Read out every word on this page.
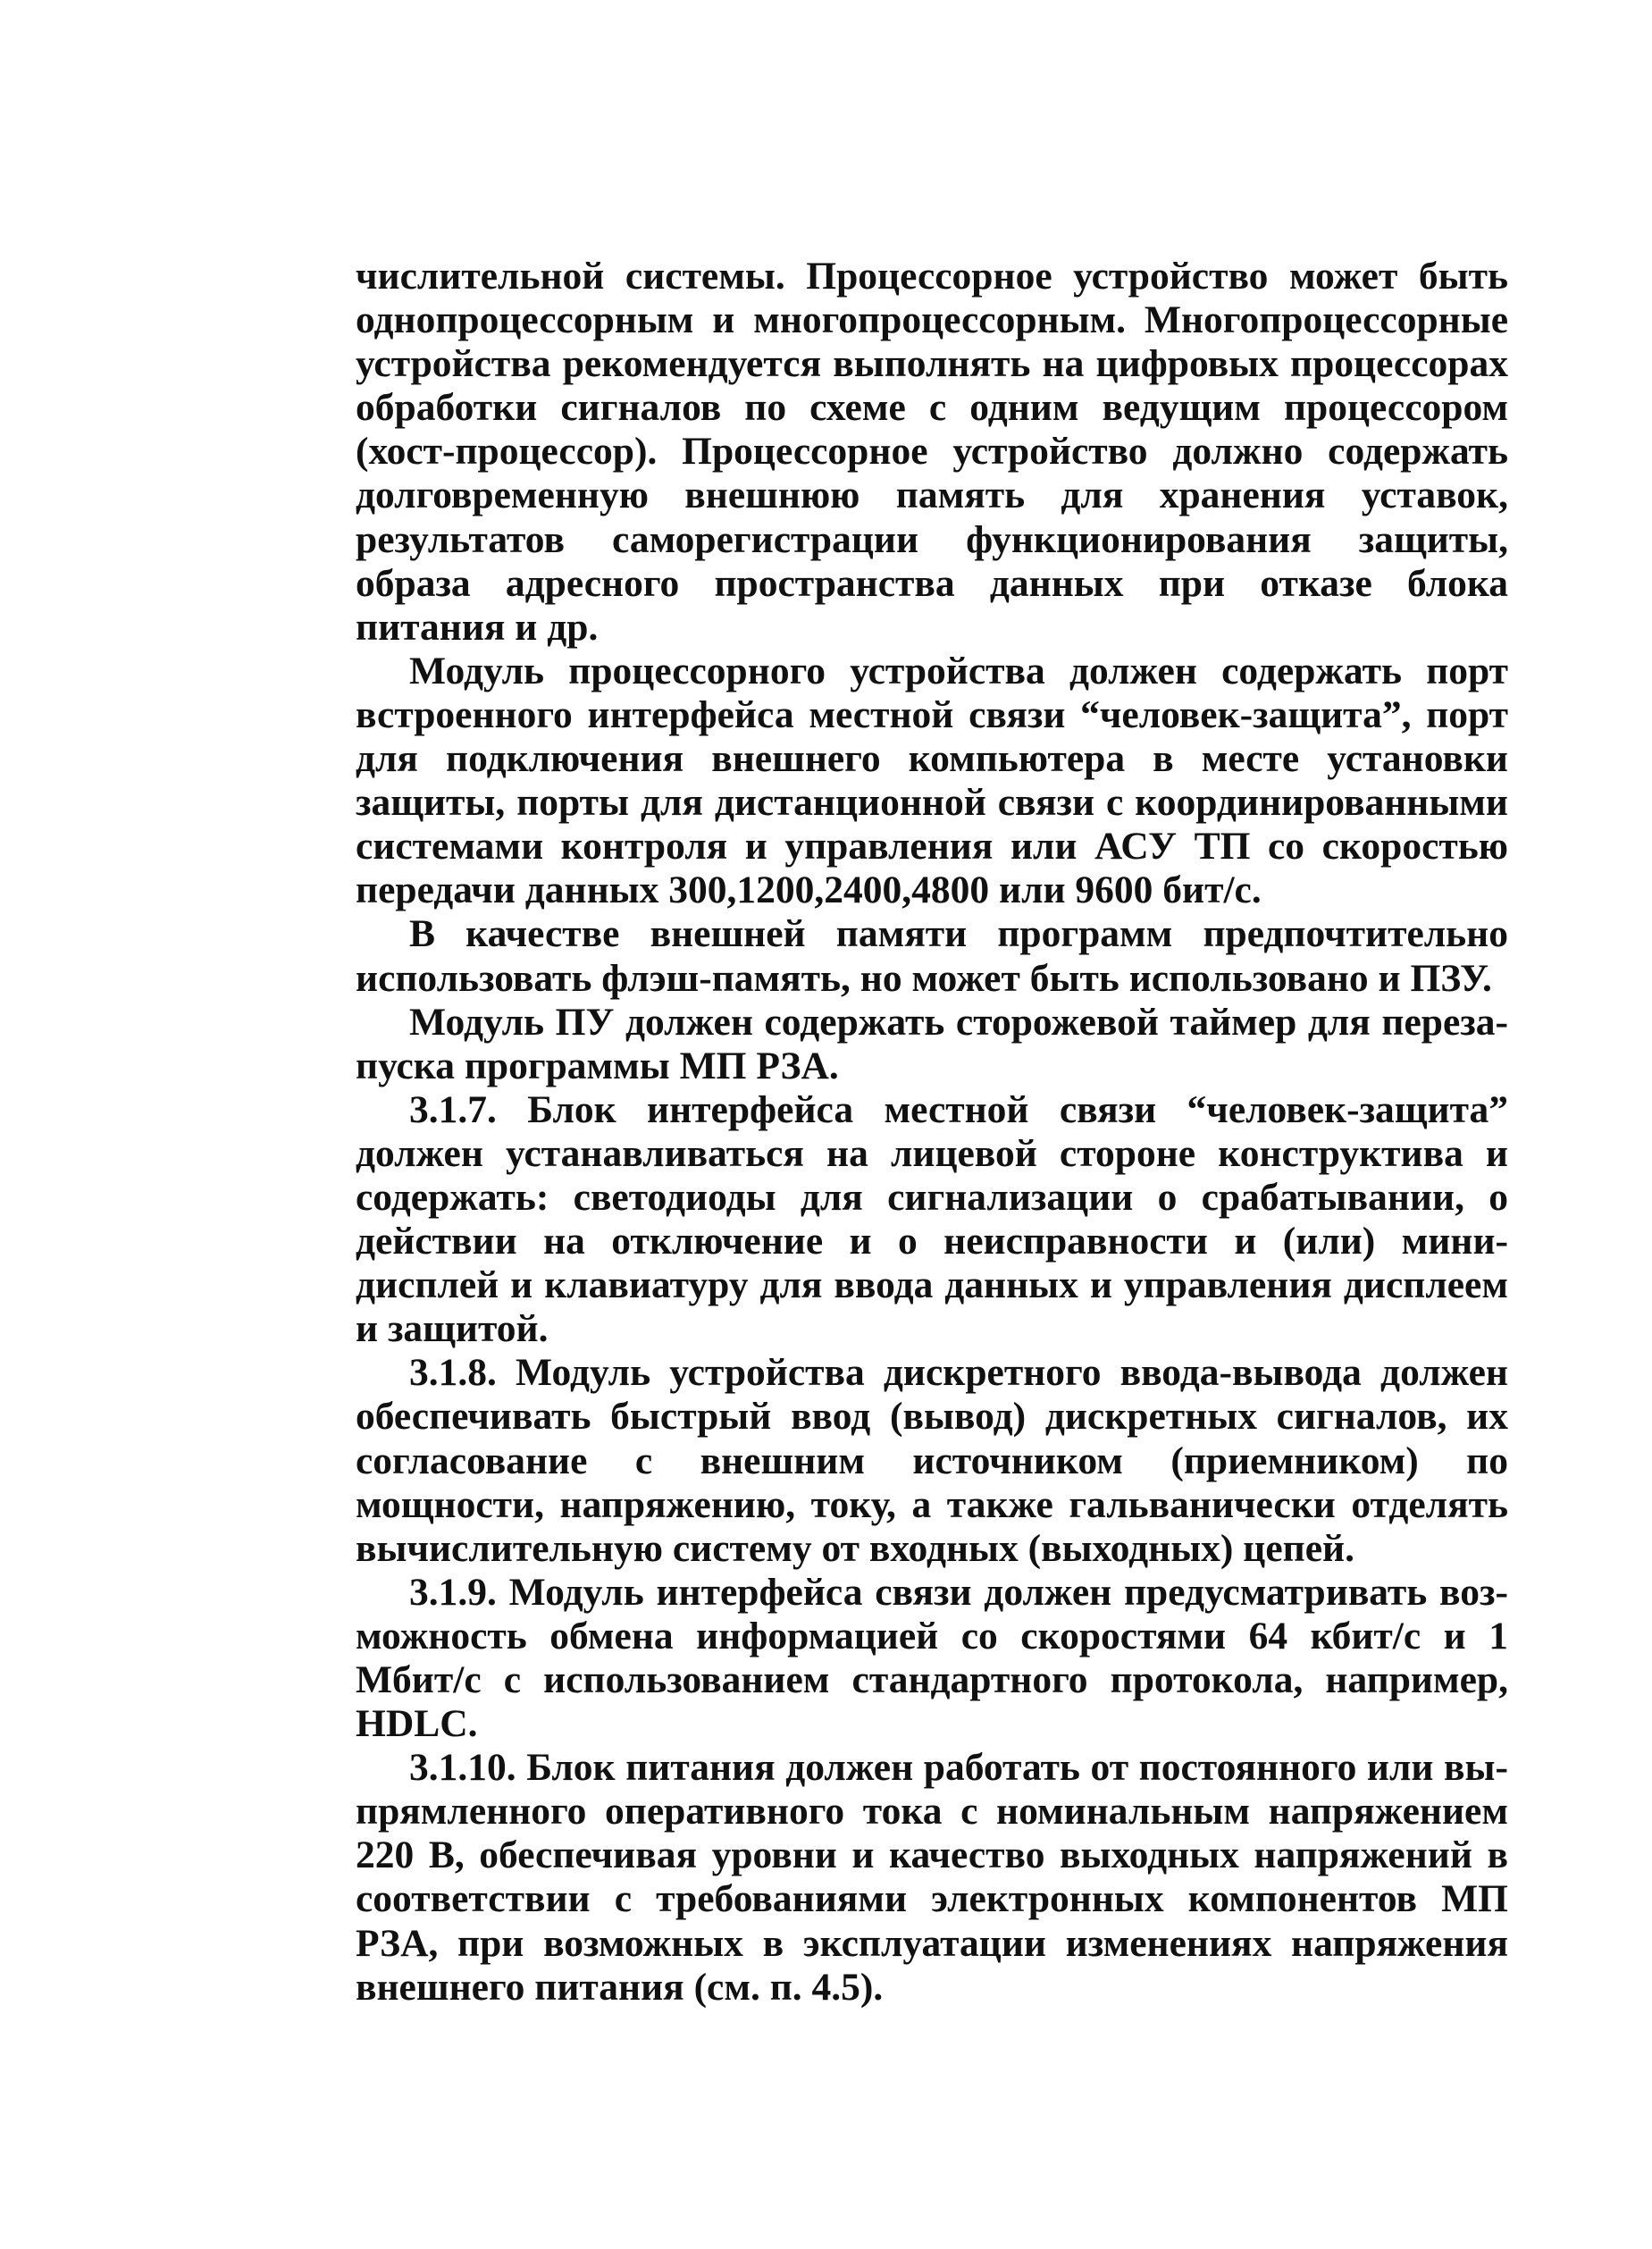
числительной системы. Процессорное устройство может быть однопроцессорным и многопроцессорным. Многопроцессорные устройства рекомендуется выполнять на цифровых процессорах обработки сигналов по схеме с одним ведущим процессором (хост-процессор). Процессорное устройство должно содержать долговременную внешнюю память для хранения уставок, результатов саморегистрации функционирования защиты, образа адресного пространства данных при отказе блока питания и др.

Модуль процессорного устройства должен содержать порт встроенного интерфейса местной связи “человек-защита”, порт для подключения внешнего компьютера в месте установки защиты, порты для дистанционной связи с координированными системами контроля и управления или АСУ ТП со скоростью передачи данных 300,1200,2400,4800 или 9600 бит/с.

В качестве внешней памяти программ предпочтительно использовать флэш-память, но может быть использовано и ПЗУ.

Модуль ПУ должен содержать сторожевой таймер для перезапуска программы МП РЗА.

3.1.7. Блок интерфейса местной связи “человек-защита” должен устанавливаться на лицевой стороне конструктива и содержать: светодиоды для сигнализации о срабатывании, о действии на отключение и о неисправности и (или) мини-дисплей и клавиатуру для ввода данных и управления дисплеем и защитой.

3.1.8. Модуль устройства дискретного ввода-вывода должен обеспечивать быстрый ввод (вывод) дискретных сигналов, их согласование с внешним источником (приемником) по мощности, напряжению, току, а также гальванически отделять вычислительную систему от входных (выходных) цепей.

3.1.9. Модуль интерфейса связи должен предусматривать возможность обмена информацией со скоростями 64 кбит/с и 1 Мбит/с с использованием стандартного протокола, например, HDLC.

3.1.10. Блок питания должен работать от постоянного или выпрямленного оперативного тока с номинальным напряжением 220 В, обеспечивая уровни и качество выходных напряжений в соответствии с требованиями электронных компонентов МП РЗА, при возможных в эксплуатации изменениях напряжения внешнего питания (см. п. 4.5).
